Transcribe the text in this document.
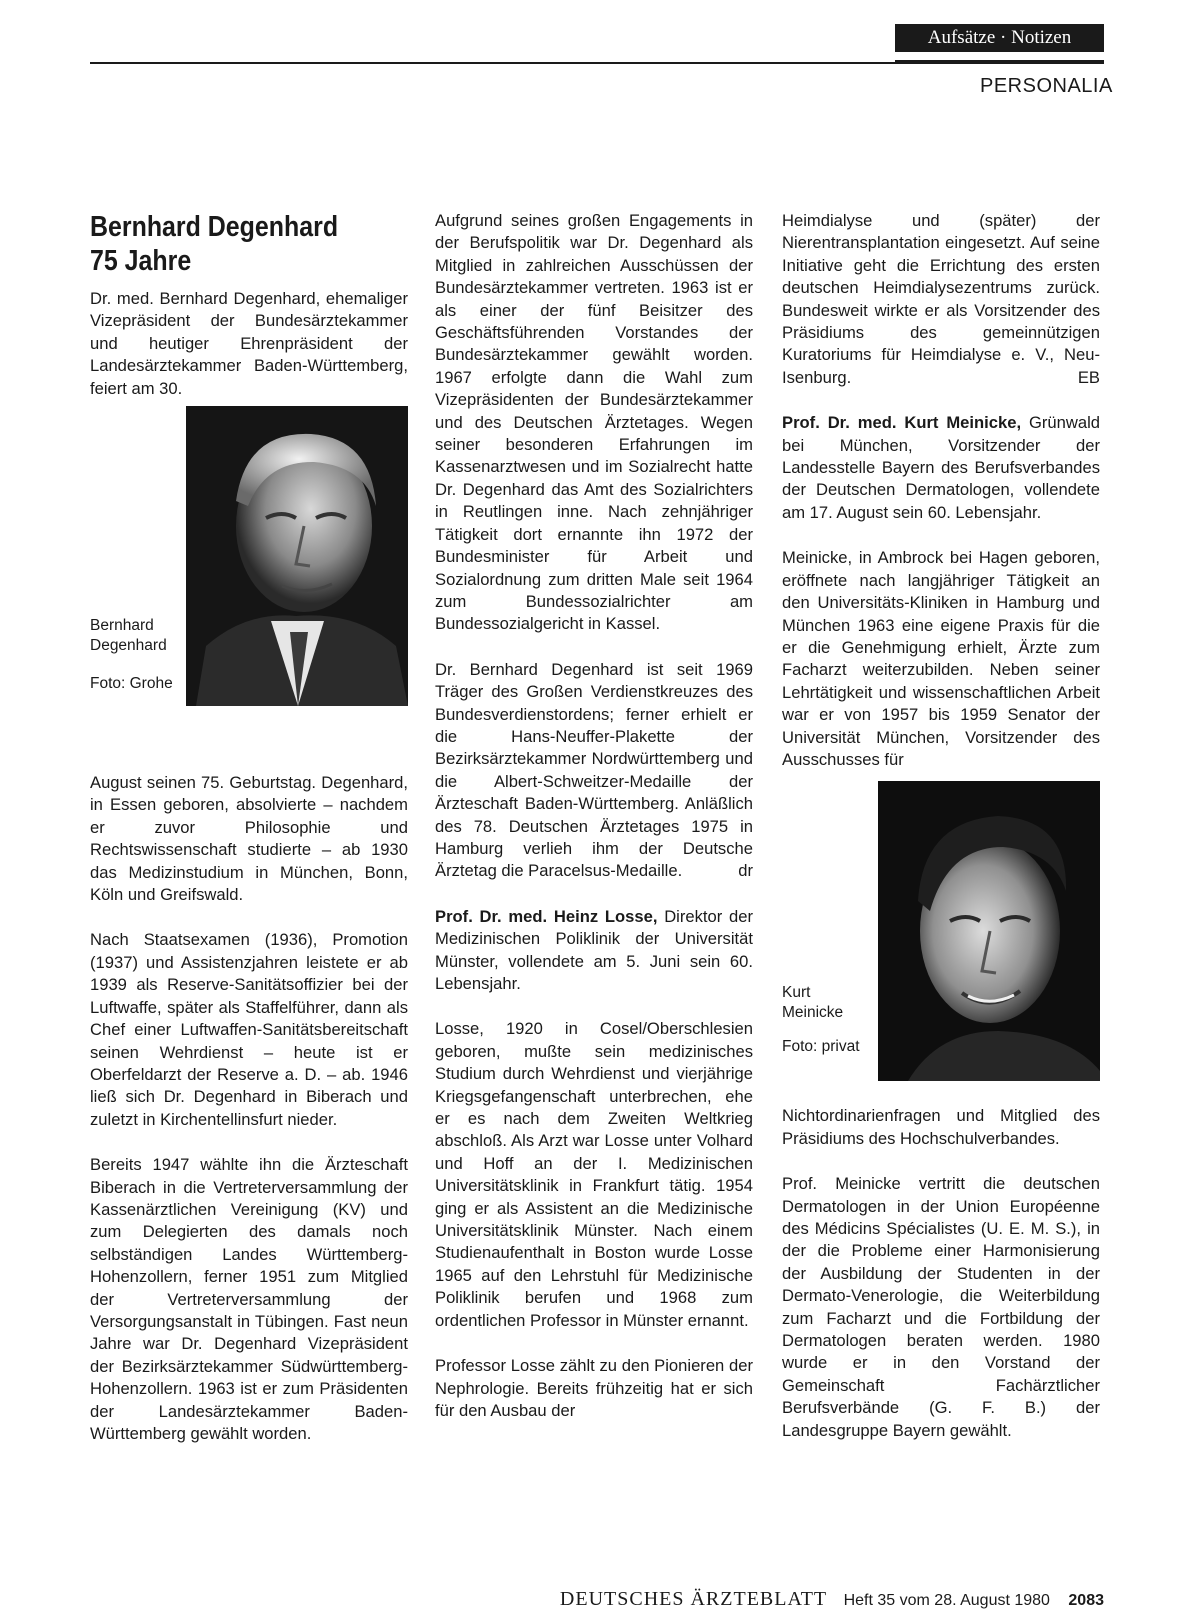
Aufsätze · Notizen
PERSONALIA
Bernhard Degenhard
75 Jahre

Dr. med. Bernhard Degenhard, ehemaliger Vizepräsident der Bundesärztekammer und heutiger Ehrenpräsident der Landesärztekammer Baden-Württemberg, feiert am 30.

Bernhard Degenhard
Foto: Grohe

August seinen 75. Geburtstag. Degenhard, in Essen geboren, absolvierte – nachdem er zuvor Philosophie und Rechtswissenschaft studierte – ab 1930 das Medizinstudium in München, Bonn, Köln und Greifswald.

Nach Staatsexamen (1936), Promotion (1937) und Assistenzjahren leistete er ab 1939 als Reserve-Sanitätsoffizier bei der Luftwaffe, später als Staffelführer, dann als Chef einer Luftwaffen-Sanitätsbereitschaft seinen Wehrdienst – heute ist er Oberfeldarzt der Reserve a. D. – ab. 1946 ließ sich Dr. Degenhard in Biberach und zuletzt in Kirchentellinsfurt nieder.

Bereits 1947 wählte ihn die Ärzteschaft Biberach in die Vertreterversammlung der Kassenärztlichen Vereinigung (KV) und zum Delegierten des damals noch selbständigen Landes Württemberg-Hohenzollern, ferner 1951 zum Mitglied der Vertreterversammlung der Versorgungsanstalt in Tübingen. Fast neun Jahre war Dr. Degenhard Vizepräsident der Bezirksärztekammer Südwürttemberg-Hohenzollern. 1963 ist er zum Präsidenten der Landesärztekammer Baden-Württemberg gewählt worden.

Aufgrund seines großen Engagements in der Berufspolitik war Dr. Degenhard als Mitglied in zahlreichen Ausschüssen der Bundesärztekammer vertreten. 1963 ist er als einer der fünf Beisitzer des Geschäftsführenden Vorstandes der Bundesärztekammer gewählt worden. 1967 erfolgte dann die Wahl zum Vizepräsidenten der Bundesärztekammer und des Deutschen Ärztetages. Wegen seiner besonderen Erfahrungen im Kassenarztwesen und im Sozialrecht hatte Dr. Degenhard das Amt des Sozialrichters in Reutlingen inne. Nach zehnjähriger Tätigkeit dort ernannte ihn 1972 der Bundesminister für Arbeit und Sozialordnung zum dritten Male seit 1964 zum Bundessozialrichter am Bundessozialgericht in Kassel.

Dr. Bernhard Degenhard ist seit 1969 Träger des Großen Verdienstkreuzes des Bundesverdienstordens; ferner erhielt er die Hans-Neuffer-Plakette der Bezirksärztekammer Nordwürttemberg und die Albert-Schweitzer-Medaille der Ärzteschaft Baden-Württemberg. Anläßlich des 78. Deutschen Ärztetages 1975 in Hamburg verlieh ihm der Deutsche Ärztetag die Paracelsus-Medaille.	dr

Prof. Dr. med. Heinz Losse, Direktor der Medizinischen Poliklinik der Universität Münster, vollendete am 5. Juni sein 60. Lebensjahr.

Losse, 1920 in Cosel/Oberschlesien geboren, mußte sein medizinisches Studium durch Wehrdienst und vierjährige Kriegsgefangenschaft unterbrechen, ehe er es nach dem Zweiten Weltkrieg abschloß. Als Arzt war Losse unter Volhard und Hoff an der I. Medizinischen Universitätsklinik in Frankfurt tätig. 1954 ging er als Assistent an die Medizinische Universitätsklinik Münster. Nach einem Studienaufenthalt in Boston wurde Losse 1965 auf den Lehrstuhl für Medizinische Poliklinik berufen und 1968 zum ordentlichen Professor in Münster ernannt.

Professor Losse zählt zu den Pionieren der Nephrologie. Bereits frühzeitig hat er sich für den Ausbau der

Heimdialyse und (später) der Nierentransplantation eingesetzt. Auf seine Initiative geht die Errichtung des ersten deutschen Heimdialysezentrums zurück. Bundesweit wirkte er als Vorsitzender des Präsidiums des gemeinnützigen Kuratoriums für Heimdialyse e. V., Neu-Isenburg.	EB

Prof. Dr. med. Kurt Meinicke, Grünwald bei München, Vorsitzender der Landesstelle Bayern des Berufsverbandes der Deutschen Dermatologen, vollendete am 17. August sein 60. Lebensjahr.

Meinicke, in Ambrock bei Hagen geboren, eröffnete nach langjähriger Tätigkeit an den Universitäts-Kliniken in Hamburg und München 1963 eine eigene Praxis für die er die Genehmigung erhielt, Ärzte zum Facharzt weiterzubilden. Neben seiner Lehrtätigkeit und wissenschaftlichen Arbeit war er von 1957 bis 1959 Senator der Universität München, Vorsitzender des Ausschusses für

Kurt Meinicke
Foto: privat

Nichtordinarienfragen und Mitglied des Präsidiums des Hochschulverbandes.

Prof. Meinicke vertritt die deutschen Dermatologen in der Union Européenne des Médicins Spécialistes (U. E. M. S.), in der die Probleme einer Harmonisierung der Ausbildung der Studenten in der Dermato-Venerologie, die Weiterbildung zum Facharzt und die Fortbildung der Dermatologen beraten werden. 1980 wurde er in den Vorstand der Gemeinschaft Fachärztlicher Berufsverbände (G. F. B.) der Landesgruppe Bayern gewählt.

DEUTSCHES ÄRZTEBLATT Heft 35 vom 28. August 1980 2083
